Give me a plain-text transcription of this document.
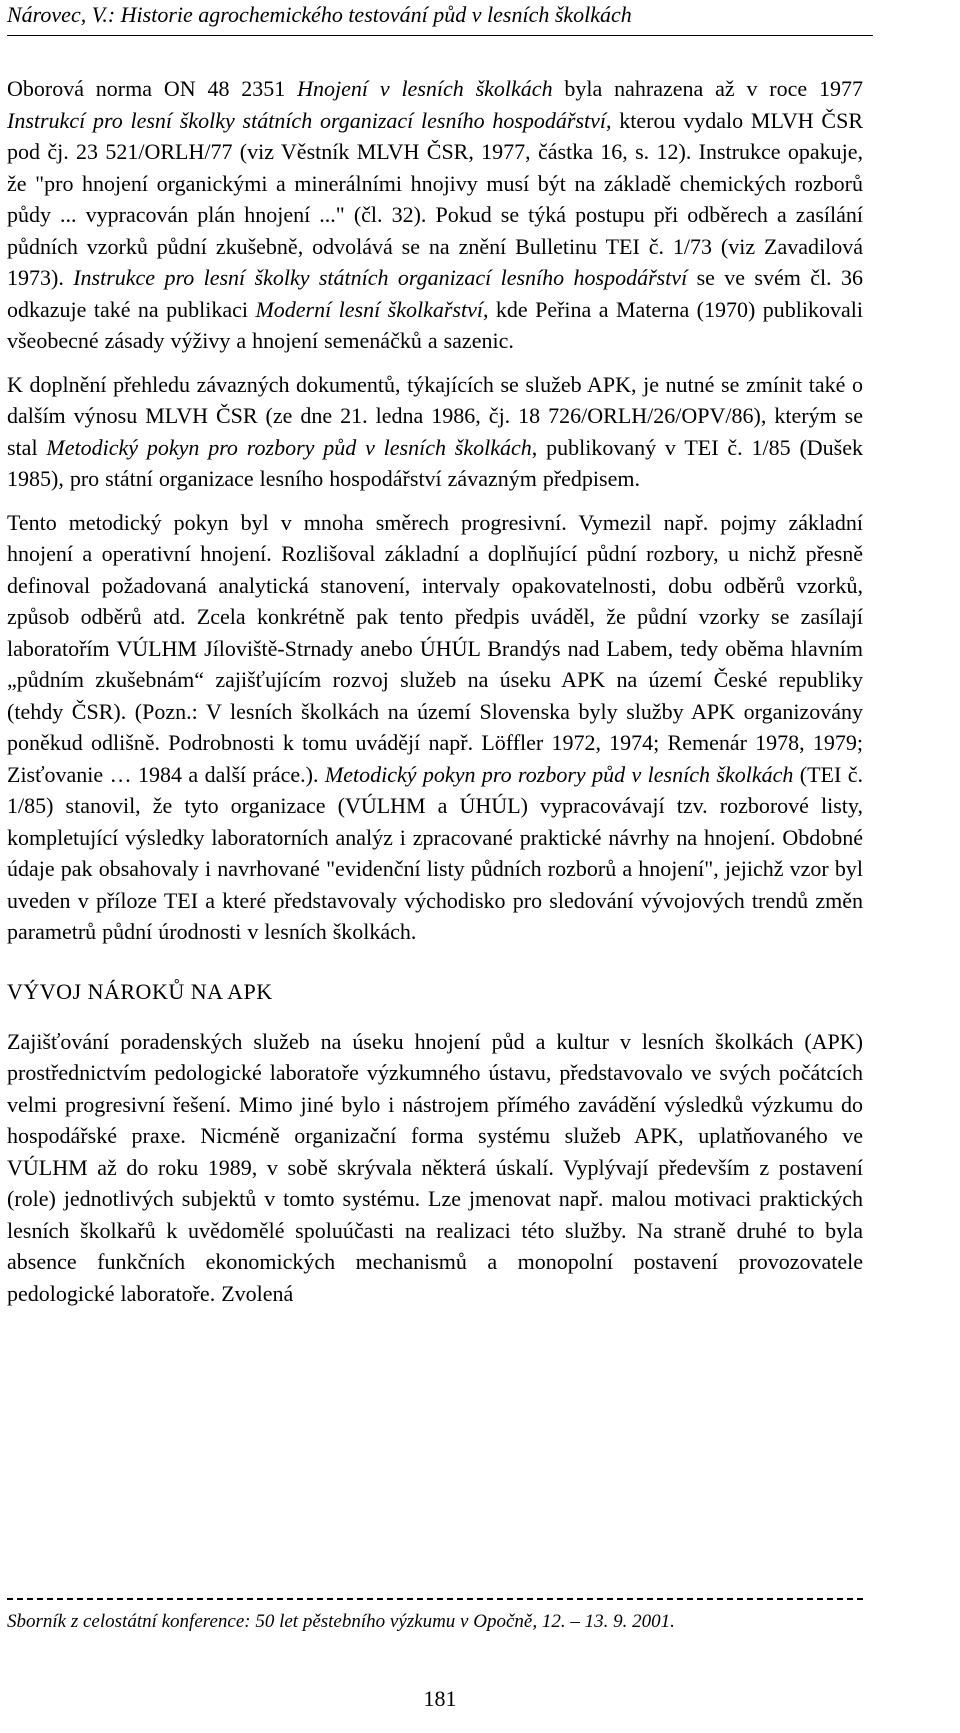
Nárovec, V.: Historie agrochemického testování půd v lesních školkách

Oborová norma ON 48 2351 Hnojení v lesních školkách byla nahrazena až v roce 1977 Instrukcí pro lesní školky státních organizací lesního hospodářství, kterou vydalo MLVH ČSR pod čj. 23 521/ORLH/77 (viz Věstník MLVH ČSR, 1977, částka 16, s. 12). Instrukce opakuje, že "pro hnojení organickými a minerálními hnojivy musí být na základě chemických rozborů půdy ... vypracován plán hnojení ..." (čl. 32). Pokud se týká postupu při odběrech a zasílání půdních vzorků půdní zkušebně, odvolává se na znění Bulletinu TEI č. 1/73 (viz Zavadilová 1973). Instrukce pro lesní školky státních organizací lesního hospodářství se ve svém čl. 36 odkazuje také na publikaci Moderní lesní školkařství, kde Peřina a Materna (1970) publikovali všeobecné zásady výživy a hnojení semenáčků a sazenic.

K doplnění přehledu závazných dokumentů, týkajících se služeb APK, je nutné se zmínit také o dalším výnosu MLVH ČSR (ze dne 21. ledna 1986, čj. 18 726/ORLH/26/OPV/86), kterým se stal Metodický pokyn pro rozbory půd v lesních školkách, publikovaný v TEI č. 1/85 (Dušek 1985), pro státní organizace lesního hospodářství závazným předpisem.

Tento metodický pokyn byl v mnoha směrech progresivní. Vymezil např. pojmy základní hnojení a operativní hnojení. Rozlišoval základní a doplňující půdní rozbory, u nichž přesně definoval požadovaná analytická stanovení, intervaly opakovatelnosti, dobu odběrů vzorků, způsob odběrů atd. Zcela konkrétně pak tento předpis uváděl, že půdní vzorky se zasílají laboratořím VÚLHM Jíloviště-Strnady anebo ÚHÚL Brandýs nad Labem, tedy oběma hlavním „půdním zkušebnám“ zajišťujícím rozvoj služeb na úseku APK na území České republiky (tehdy ČSR). (Pozn.: V lesních školkách na území Slovenska byly služby APK organizovány poněkud odlišně. Podrobnosti k tomu uvádějí např. Löffler 1972, 1974; Remenár 1978, 1979; Zisťovanie … 1984 a další práce.). Metodický pokyn pro rozbory půd v lesních školkách (TEI č. 1/85) stanovil, že tyto organizace (VÚLHM a ÚHÚL) vypracovávají tzv. rozborové listy, kompletující výsledky laboratorních analýz i zpracované praktické návrhy na hnojení. Obdobné údaje pak obsahovaly i navrhované "evidenční listy půdních rozborů a hnojení", jejichž vzor byl uveden v příloze TEI a které představovaly východisko pro sledování vývojových trendů změn parametrů půdní úrodnosti v lesních školkách.

VÝVOJ NÁROKŮ NA APK

Zajišťování poradenských služeb na úseku hnojení půd a kultur v lesních školkách (APK) prostřednictvím pedologické laboratoře výzkumného ústavu, představovalo ve svých počátcích velmi progresivní řešení. Mimo jiné bylo i nástrojem přímého zavádění výsledků výzkumu do hospodářské praxe. Nicméně organizační forma systému služeb APK, uplatňovaného ve VÚLHM až do roku 1989, v sobě skrývala některá úskalí. Vyplývají především z postavení (role) jednotlivých subjektů v tomto systému. Lze jmenovat např. malou motivaci praktických lesních školkařů k uvědomělé spoluúčasti na realizaci této služby. Na straně druhé to byla absence funkčních ekonomických mechanismů a monopolní postavení provozovatele pedologické laboratoře. Zvolená

Sborník z celostátní konference: 50 let pěstebního výzkumu v Opočně, 12. – 13. 9. 2001.
181
